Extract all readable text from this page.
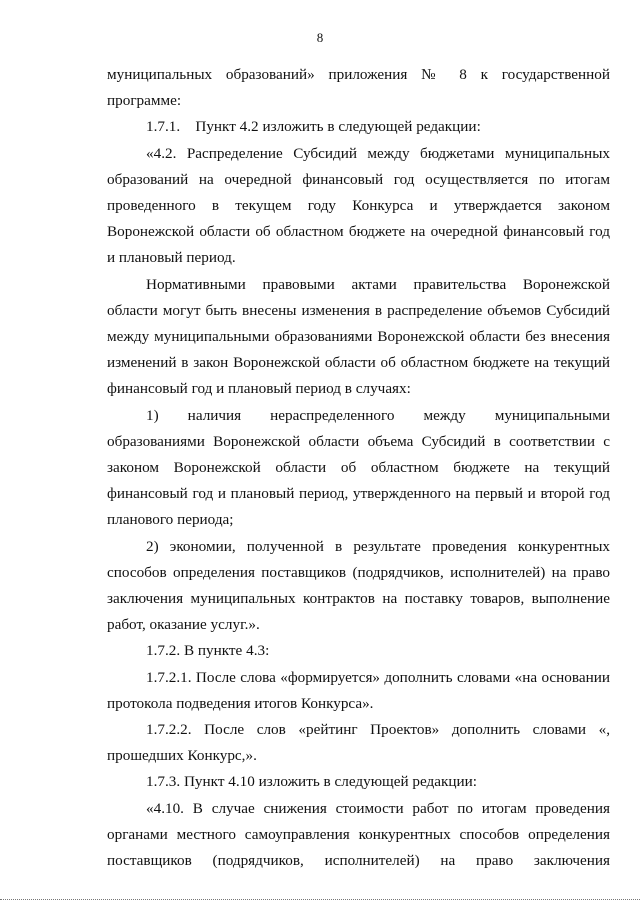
8

муниципальных образований» приложения № 8 к государственной программе:

1.7.1.    Пункт 4.2 изложить в следующей редакции:

«4.2. Распределение Субсидий между бюджетами муниципальных образований на очередной финансовый год осуществляется по итогам проведенного в текущем году Конкурса и утверждается законом Воронежской области об областном бюджете на очередной финансовый год и плановый период.

Нормативными правовыми актами правительства Воронежской области могут быть внесены изменения в распределение объемов Субсидий между муниципальными образованиями Воронежской области без внесения изменений в закон Воронежской области об областном бюджете на текущий финансовый год и плановый период в случаях:

1) наличия нераспределенного между муниципальными образованиями Воронежской области объема Субсидий в соответствии с законом Воронежской области об областном бюджете на текущий финансовый год и плановый период, утвержденного на первый и второй год планового периода;

2) экономии, полученной в результате проведения конкурентных способов определения поставщиков (подрядчиков, исполнителей) на право заключения муниципальных контрактов на поставку товаров, выполнение работ, оказание услуг.».

1.7.2. В пункте 4.3:

1.7.2.1. После слова «формируется» дополнить словами «на основании протокола подведения итогов Конкурса».

1.7.2.2. После слов «рейтинг Проектов» дополнить словами «, прошедших Конкурс,».

1.7.3. Пункт 4.10 изложить в следующей редакции:

«4.10. В случае снижения стоимости работ по итогам проведения органами местного самоуправления конкурентных способов определения поставщиков (подрядчиков, исполнителей) на право заключения
